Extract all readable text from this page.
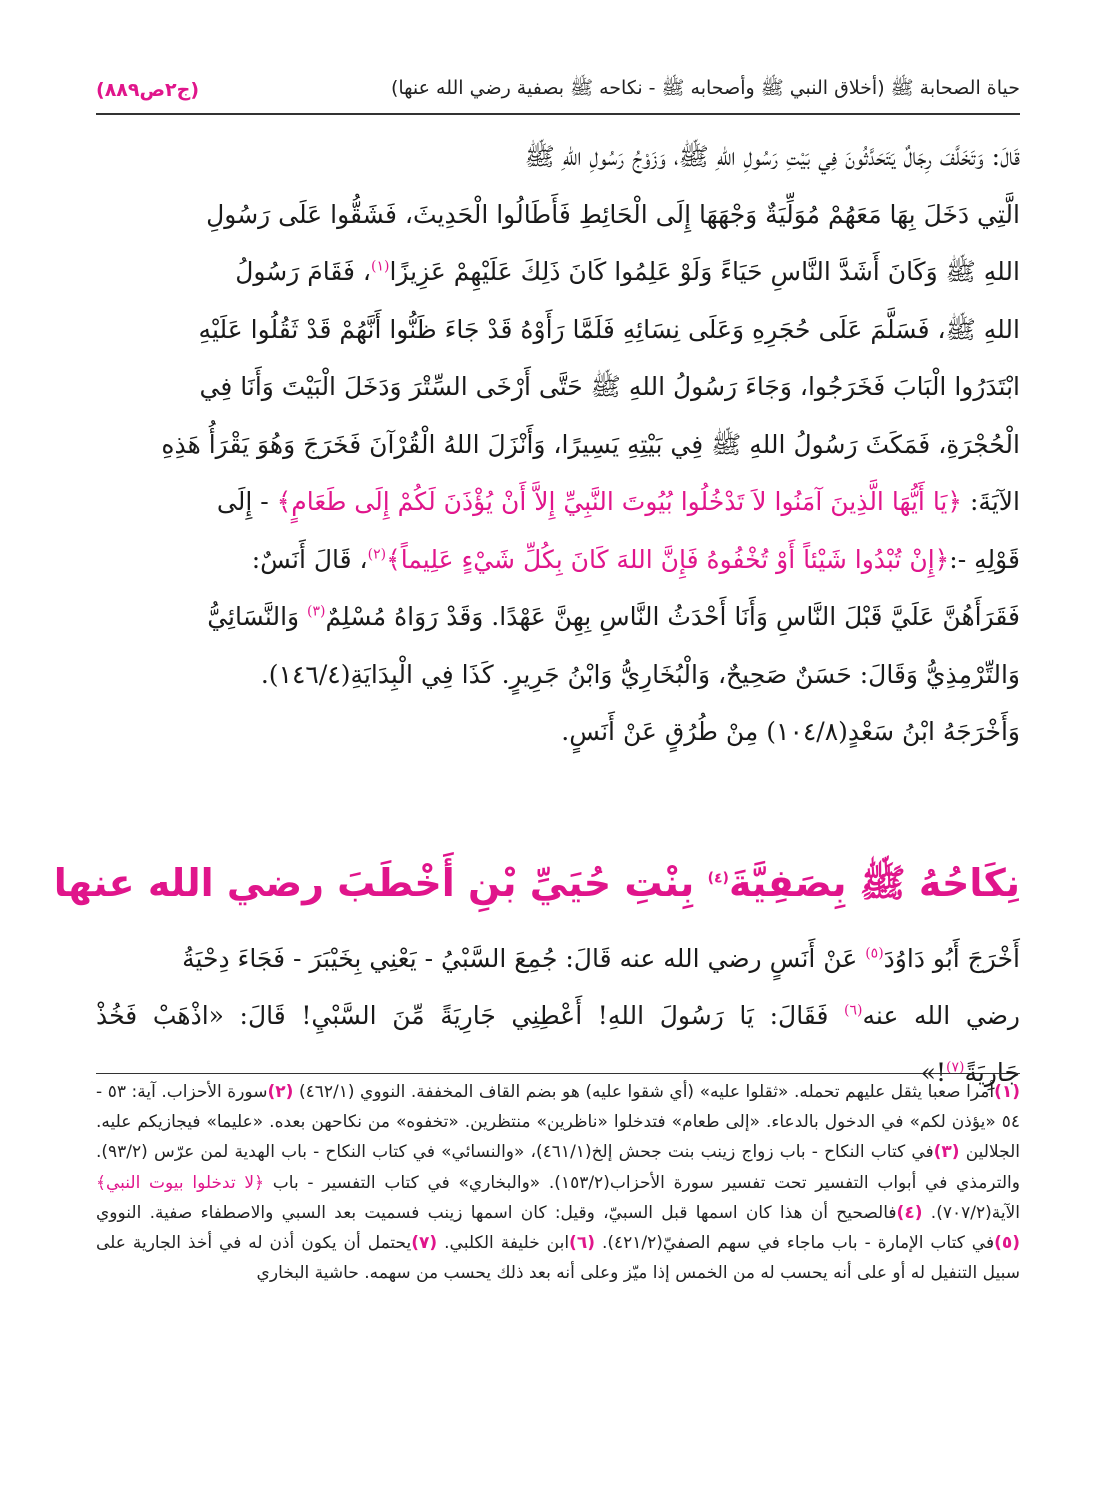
حياة الصحابة ﷺ (أخلاق النبي ﷺ وأصحابه ﷺ - نكاحه ﷺ بصفية رضي الله عنها)
(ج٢ص٨٨٩)

قَالَ: وَتَخَلَّفَ رِجَالٌ يَتَحَدَّثُونَ فِي بَيْتِ رَسُولِ اللهِ ﷺ، وَزَوْجُ رَسُولِ اللهِ ﷺ

الَّتِي دَخَلَ بِهَا مَعَهُمْ مُوَلِّيَةٌ وَجْهَهَا إِلَى الْحَائِطِ فَأَطَالُوا الْحَدِيثَ، فَشَقُّوا عَلَى رَسُولِ

اللهِ ﷺ وَكَانَ أَشَدَّ النَّاسِ حَيَاءً وَلَوْ عَلِمُوا كَانَ ذَلِكَ عَلَيْهِمْ عَزِيزًا$^{(١)}$، فَقَامَ رَسُولُ

اللهِ ﷺ، فَسَلَّمَ عَلَى حُجَرِهِ وَعَلَى نِسَائِهِ فَلَمَّا رَأَوْهُ قَدْ جَاءَ ظَنُّوا أَنَّهُمْ قَدْ ثَقُلُوا عَلَيْهِ

ابْتَدَرُوا الْبَابَ فَخَرَجُوا، وَجَاءَ رَسُولُ اللهِ ﷺ حَتَّى أَرْخَى السِّتْرَ وَدَخَلَ الْبَيْتَ وَأَنَا فِي

الْحُجْرَةِ، فَمَكَثَ رَسُولُ اللهِ ﷺ فِي بَيْتِهِ يَسِيرًا، وَأَنْزَلَ اللهُ الْقُرْآنَ فَخَرَجَ وَهُوَ يَقْرَأُ هَذِهِ

الآيَةَ: ﴿يَا أَيُّهَا الَّذِينَ آمَنُوا لاَ تَدْخُلُوا بُيُوتَ النَّبِيِّ إِلاَّ أَنْ يُؤْذَنَ لَكُمْ إِلَى طَعَامٍ﴾ - إِلَى

قَوْلِهِ -:﴿إِنْ تُبْدُوا شَيْئاً أَوْ تُخْفُوهُ فَإِنَّ اللهَ كَانَ بِكُلِّ شَيْءٍ عَلِيماً﴾$^{(٢)}$، قَالَ أَنَسٌ:

فَقَرَأَهُنَّ عَلَيَّ قَبْلَ النَّاسِ وَأَنَا أَحْدَثُ النَّاسِ بِهِنَّ عَهْدًا. وَقَدْ رَوَاهُ مُسْلِمٌ$^{(٣)}$ وَالنَّسَائِيُّ

وَالتِّرْمِذِيُّ وَقَالَ: حَسَنٌ صَحِيحٌ، وَالْبُخَارِيُّ وَابْنُ جَرِيرٍ. كَذَا فِي الْبِدَايَةِ(١٤٦/٤).

وَأَخْرَجَهُ ابْنُ سَعْدٍ(١٠٤/٨) مِنْ طُرُقٍ عَنْ أَنَسٍ.

نِكَاحُهُ ﷺ بِصَفِيَّةَ$^{(٤)}$ بِنْتِ حُيَيِّ بْنِ أَخْطَبَ رضي الله عنها

أَخْرَجَ أَبُو دَاوُدَ$^{(٥)}$ عَنْ أَنَسٍ رضي الله عنه قَالَ: جُمِعَ السَّبْيُ - يَعْنِي بِخَيْبَرَ - فَجَاءَ دِحْيَةُ

رضي الله عنه$^{(٦)}$ فَقَالَ: يَا رَسُولَ اللهِ! أَعْطِنِي جَارِيَةً مِّنَ السَّبْيِ! قَالَ: «اذْهَبْ فَخُذْ جَارِيَةً$^{(٧)}$!»

(١)أمرا صعبا يثقل عليهم تحمله. «ثقلوا عليه» (أي شقوا عليه) هو بضم القاف المخففة. النووي (٤٦٢/١) (٢)سورة الأحزاب. آية: ٥٣ - ٥٤ «يؤذن لكم» في الدخول بالدعاء. «إلى طعام» فتدخلوا «ناظرين» منتظرين. «تخفوه» من نكاحهن بعده. «عليما» فيجازيكم عليه. الجلالين (٣)في كتاب النكاح - باب زواج زينب بنت جحش إلخ(٤٦١/١)، «والنسائي» في كتاب النكاح - باب الهدية لمن عرّس (٩٣/٢). والترمذي في أبواب التفسير تحت تفسير سورة الأحزاب(١٥٣/٢). «والبخاري» في كتاب التفسير - باب ﴿لا تدخلوا بيوت النبي﴾ الآية(٧٠٧/٢). (٤)فالصحيح أن هذا كان اسمها قبل السبيّ، وقيل: كان اسمها زينب فسميت بعد السبي والاصطفاء صفية. النووي (٥)في كتاب الإمارة - باب ماجاء في سهم الصفيّ(٤٢١/٢). (٦)ابن خليفة الكلبي. (٧)يحتمل أن يكون أذن له في أخذ الجارية على سبيل التنفيل له أو على أنه يحسب له من الخمس إذا ميّز وعلى أنه بعد ذلك يحسب من سهمه. حاشية البخاري
